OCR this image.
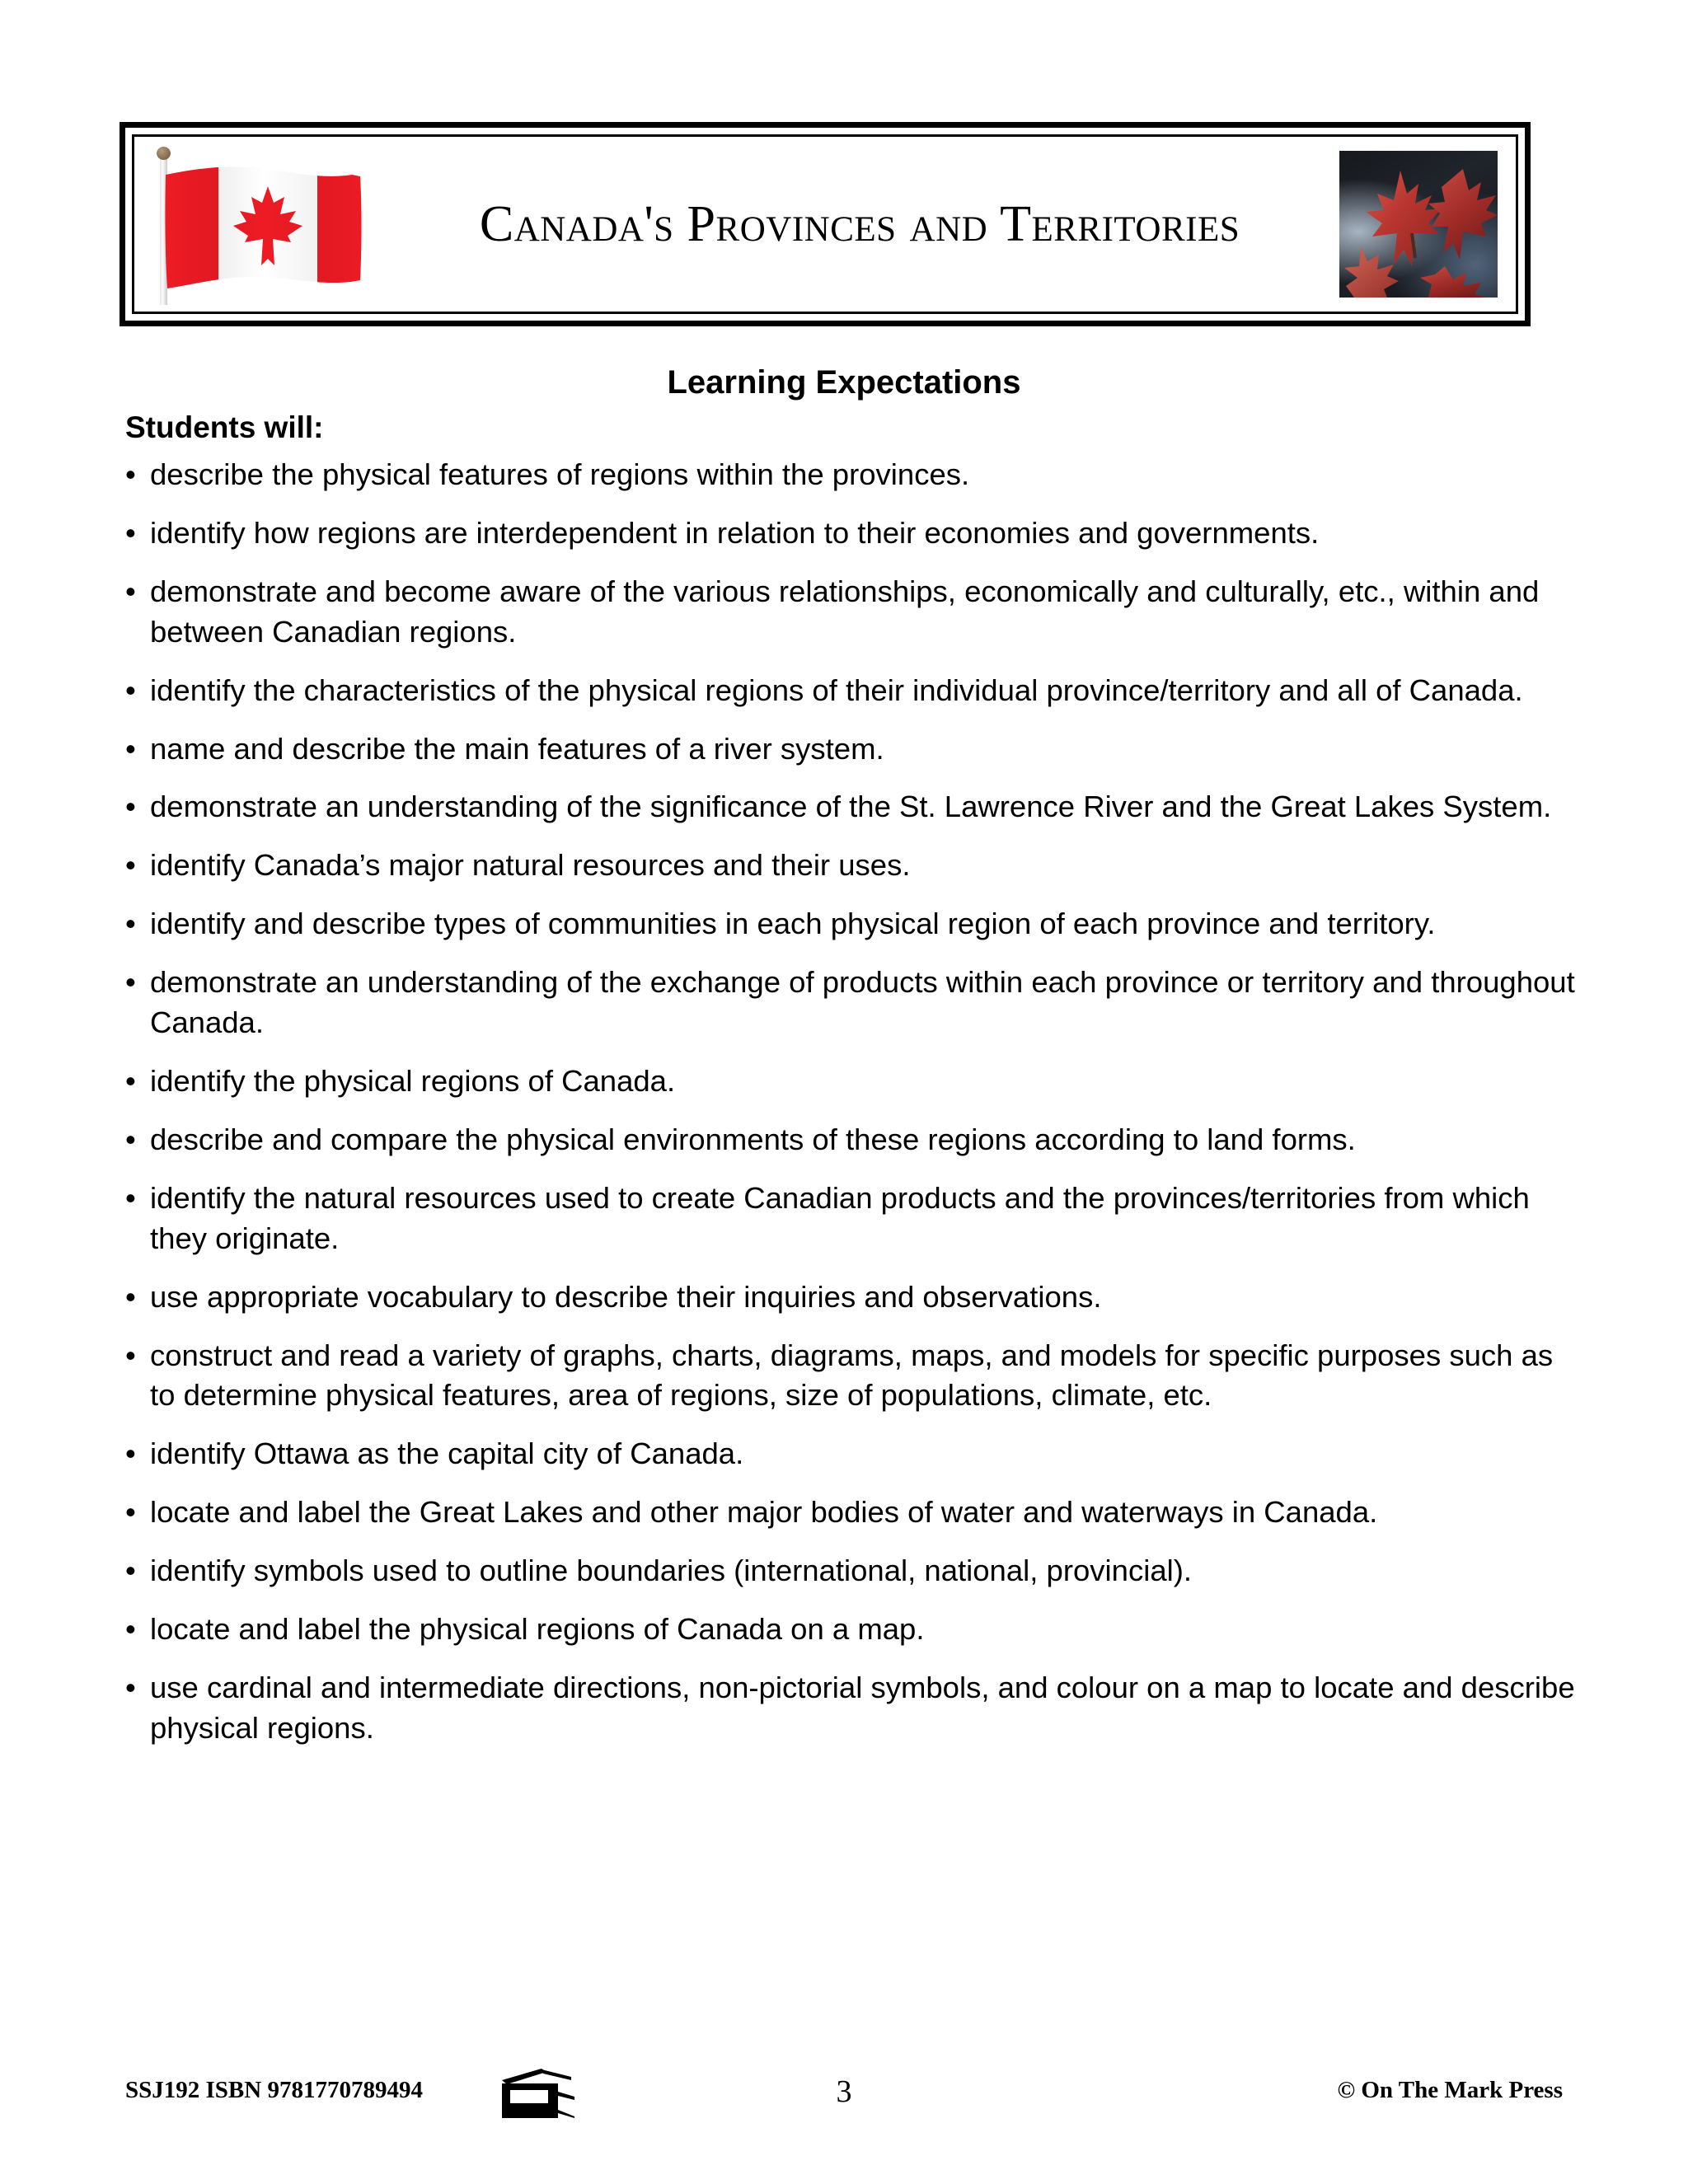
Canada's Provinces and Territories
Learning Expectations
Students will:
• describe the physical features of regions within the provinces.
• identify how regions are interdependent in relation to their economies and governments.
• demonstrate and become aware of the various relationships, economically and culturally, etc., within and between Canadian regions.
• identify the characteristics of the physical regions of their individual province/territory and all of Canada.
• name and describe the main features of a river system.
• demonstrate an understanding of the significance of the St. Lawrence River and the Great Lakes System.
• identify Canada’s major natural resources and their uses.
• identify and describe types of communities in each physical region of each province and territory.
• demonstrate an understanding of the exchange of products within each province or territory and throughout Canada.
• identify the physical regions of Canada.
• describe and compare the physical environments of these regions according to land forms.
• identify the natural resources used to create Canadian products and the provinces/territories from which they originate.
• use appropriate vocabulary to describe their inquiries and observations.
• construct and read a variety of graphs, charts, diagrams, maps, and models for specific purposes such as to determine physical features, area of regions, size of populations, climate, etc.
• identify Ottawa as the capital city of Canada.
• locate and label the Great Lakes and other major bodies of water and waterways in Canada.
• identify symbols used to outline boundaries (international, national, provincial).
• locate and label the physical regions of Canada on a map.
• use cardinal and intermediate directions, non-pictorial symbols, and colour on a map to locate and describe physical regions.
SSJ192 ISBN 9781770789494	3	© On The Mark Press
